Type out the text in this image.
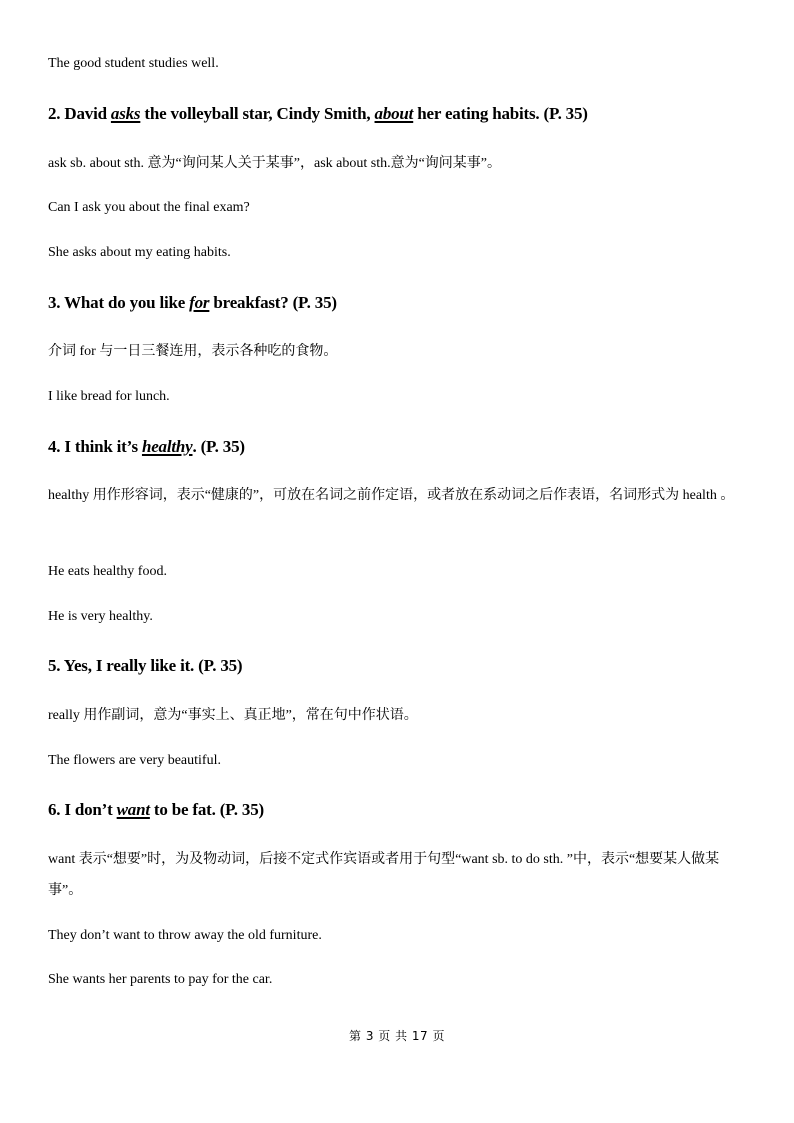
The good student studies well.
2. David asks the volleyball star, Cindy Smith, about her eating habits. (P. 35)
ask sb. about sth. 意为“询问某人关于某事”，ask about sth.意为“询问某事”。
Can I ask you about the final exam?
She asks about my eating habits.
3. What do you like for breakfast? (P. 35)
介词 for 与一日三餐连用，表示各种吃的食物。
I like bread for lunch.
4. I think it’s healthy. (P. 35)
healthy 用作形容词，表示“健康的”，可放在名词之前作定语，或者放在系动词之后作表语，名词形式为 health 。
He eats healthy food.
He is very healthy.
5. Yes, I really like it. (P. 35)
really 用作副词，意为“事实上、真正地”，常在句中作状语。
The flowers are very beautiful.
6. I don’t want to be fat. (P. 35)
want 表示“想要”时，为及物动词，后接不定式作宾语或者用于句型“want sb. to do sth. ”中，表示“想要某人做某事”。
They don’t want to throw away the old furniture.
She wants her parents to pay for the car.
第 3 页 共 17 页
